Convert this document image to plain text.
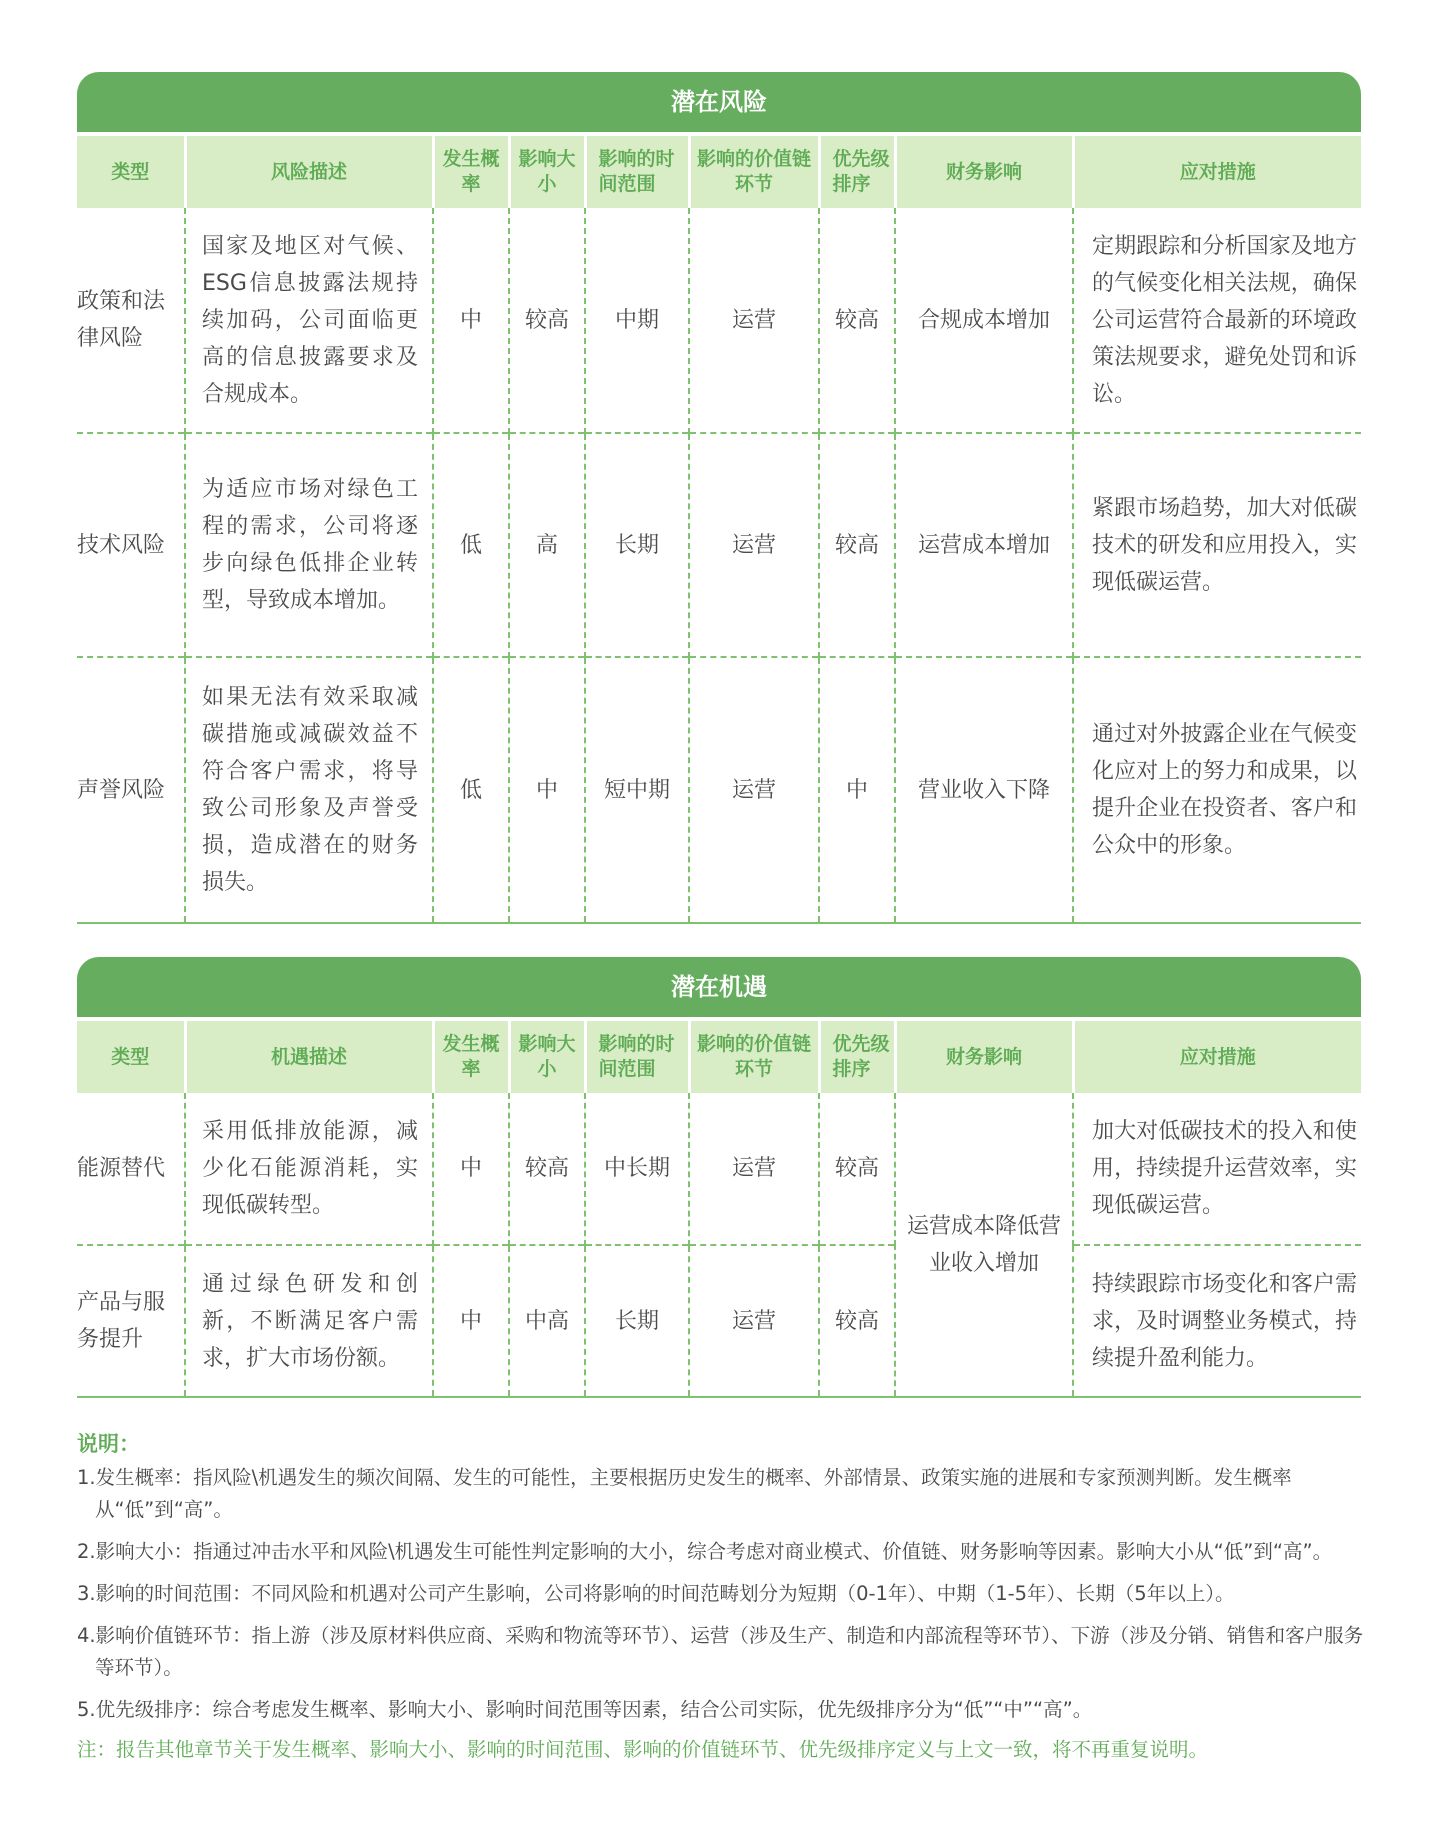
潜在风险
类型	风险描述	发生概率	影响大小	影响的时间范围	影响的价值链环节	优先级排序	财务影响	应对措施
政策和法律风险	国家及地区对气候、ESG信息披露法规持续加码，公司面临更高的信息披露要求及合规成本。	中	较高	中期	运营	较高	合规成本增加	定期跟踪和分析国家及地方的气候变化相关法规，确保公司运营符合最新的环境政策法规要求，避免处罚和诉讼。
技术风险	为适应市场对绿色工程的需求，公司将逐步向绿色低排企业转型，导致成本增加。	低	高	长期	运营	较高	运营成本增加	紧跟市场趋势，加大对低碳技术的研发和应用投入，实现低碳运营。
声誉风险	如果无法有效采取减碳措施或减碳效益不符合客户需求，将导致公司形象及声誉受损，造成潜在的财务损失。	低	中	短中期	运营	中	营业收入下降	通过对外披露企业在气候变化应对上的努力和成果，以提升企业在投资者、客户和公众中的形象。
潜在机遇
类型	机遇描述	发生概率	影响大小	影响的时间范围	影响的价值链环节	优先级排序	财务影响	应对措施
能源替代	采用低排放能源，减少化石能源消耗，实现低碳转型。	中	较高	中长期	运营	较高	运营成本降低营业收入增加	加大对低碳技术的投入和使用，持续提升运营效率，实现低碳运营。
产品与服务提升	通过绿色研发和创新，不断满足客户需求，扩大市场份额。	中	中高	长期	运营	较高		持续跟踪市场变化和客户需求，及时调整业务模式，持续提升盈利能力。
说明：
1.发生概率：指风险\机遇发生的频次间隔、发生的可能性，主要根据历史发生的概率、外部情景、政策实施的进展和专家预测判断。发生概率从“低”到“高”。
2.影响大小：指通过冲击水平和风险\机遇发生可能性判定影响的大小，综合考虑对商业模式、价值链、财务影响等因素。影响大小从“低”到“高”。
3.影响的时间范围：不同风险和机遇对公司产生影响，公司将影响的时间范畴划分为短期（0-1年）、中期（1-5年）、长期（5年以上）。
4.影响价值链环节：指上游（涉及原材料供应商、采购和物流等环节）、运营（涉及生产、制造和内部流程等环节）、下游（涉及分销、销售和客户服务等环节）。
5.优先级排序：综合考虑发生概率、影响大小、影响时间范围等因素，结合公司实际，优先级排序分为“低”“中”“高”。
注：报告其他章节关于发生概率、影响大小、影响的时间范围、影响的价值链环节、优先级排序定义与上文一致，将不再重复说明。
